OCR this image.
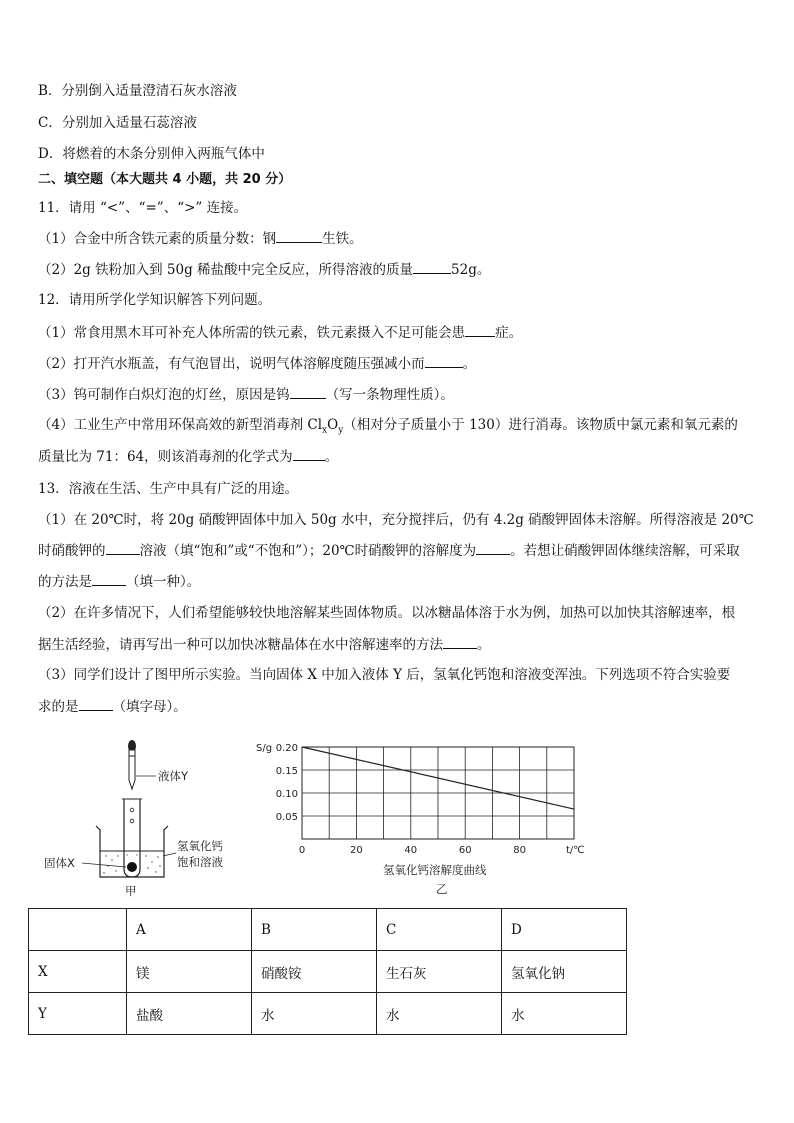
B．分别倒入适量澄清石灰水溶液
C．分别加入适量石蕊溶液
D．将燃着的木条分别伸入两瓶气体中
二、填空题（本大题共 4 小题，共 20 分）
11．请用 “<”、“=”、“>” 连接。
（1）合金中所含铁元素的质量分数：钢	生铁。
（2）2g 铁粉加入到 50g 稀盐酸中完全反应，所得溶液的质量	52g。
12．请用所学化学知识解答下列问题。
（1）常食用黑木耳可补充人体所需的铁元素，铁元素摄入不足可能会患 症。
（2）打开汽水瓶盖，有气泡冒出，说明气体溶解度随压强减小而	。
（3）钨可制作白炽灯泡的灯丝，原因是钨	（写一条物理性质）。
（4）工业生产中常用环保高效的新型消毒剂 $Cl_xO_y$（相对分子质量小于 130）进行消毒。该物质中氯元素和氧元素的
质量比为 71：64，则该消毒剂的化学式为 。
13．溶液在生活、生产中具有广泛的用途。
（1）在 20℃时，将 20g 硝酸钾固体中加入 50g 水中，充分搅拌后，仍有 4.2g 硝酸钾固体未溶解。所得溶液是 20℃
时硝酸钾的	溶液（填“饱和”或“不饱和”）；20℃时硝酸钾的溶解度为	。若想让硝酸钾固体继续溶解，可采取
的方法是	（填一种）。
（2）在许多情况下，人们希望能够较快地溶解某些固体物质。以冰糖晶体溶于水为例，加热可以加快其溶解速率，根
据生活经验，请再写出一种可以加快冰糖晶体在水中溶解速率的方法	。
（3）同学们设计了图甲所示实验。当向固体 X 中加入液体 Y 后，氢氧化钙饱和溶液变浑浊。下列选项不符合实验要
求的是	（填字母）。
液体Y
固体X
氢氧化钙
饱和溶液
甲
0	20	40	60	80
0.20
0.15
0.10
0.05
S/g
t/℃
氢氧化钙溶解度曲线
乙
	A	B	C	D
X	镁	硝酸铵	生石灰	氢氧化钠
Y	盐酸	水	水	水
